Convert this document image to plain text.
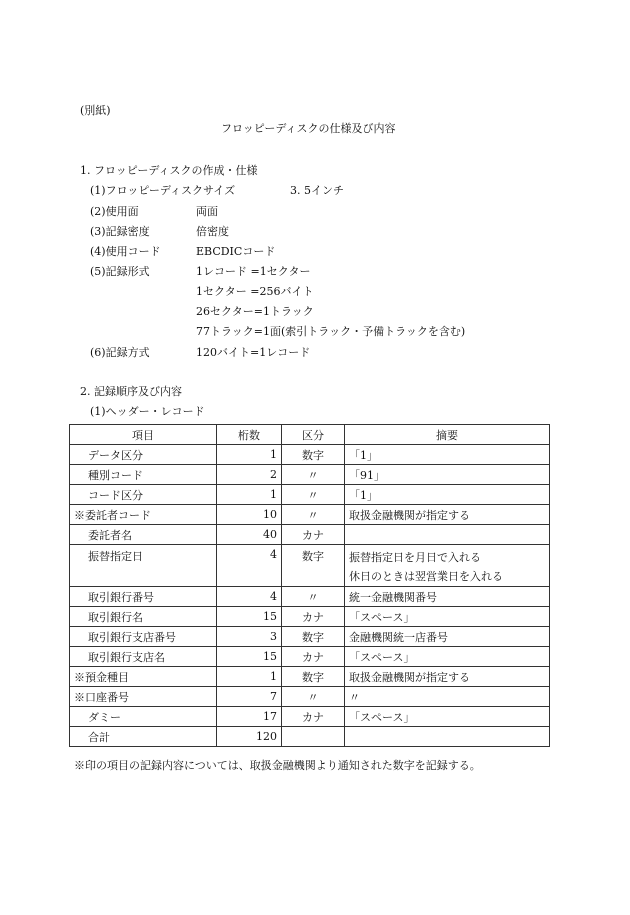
(別紙)
フロッピーディスクの仕様及び内容
1. フロッピーディスクの作成・仕様
(1)フロッピーディスクサイズ	3. 5インチ
(2)使用面	両面
(3)記録密度	倍密度
(4)使用コード	EBCDICコード
(5)記録形式	1レコード =1セクター
1セクター =256バイト
26セクター=1トラック
77トラック=1面(索引トラック・予備トラックを含む)
(6)記録方式	120バイト=1レコード
2. 記録順序及び内容
(1)ヘッダー・レコード
項目	桁数	区分	摘要
データ区分	1	数字	「1」
種別コード	2	〃	「91」
コード区分	1	〃	「1」
※委託者コード	10	〃	取扱金融機関が指定する
委託者名	40	カナ	
振替指定日	4	数字	振替指定日を月日で入れる
休日のときは翌営業日を入れる

取引銀行番号	4	〃	統一金融機関番号
取引銀行名	15	カナ	「スペース」
取引銀行支店番号	3	数字	金融機関統一店番号
取引銀行支店名	15	カナ	「スペース」
※預金種目	1	数字	取扱金融機関が指定する
※口座番号	7	〃	〃
ダミー	17	カナ	「スペース」
合計	120		
※印の項目の記録内容については、取扱金融機関より通知された数字を記録する。
